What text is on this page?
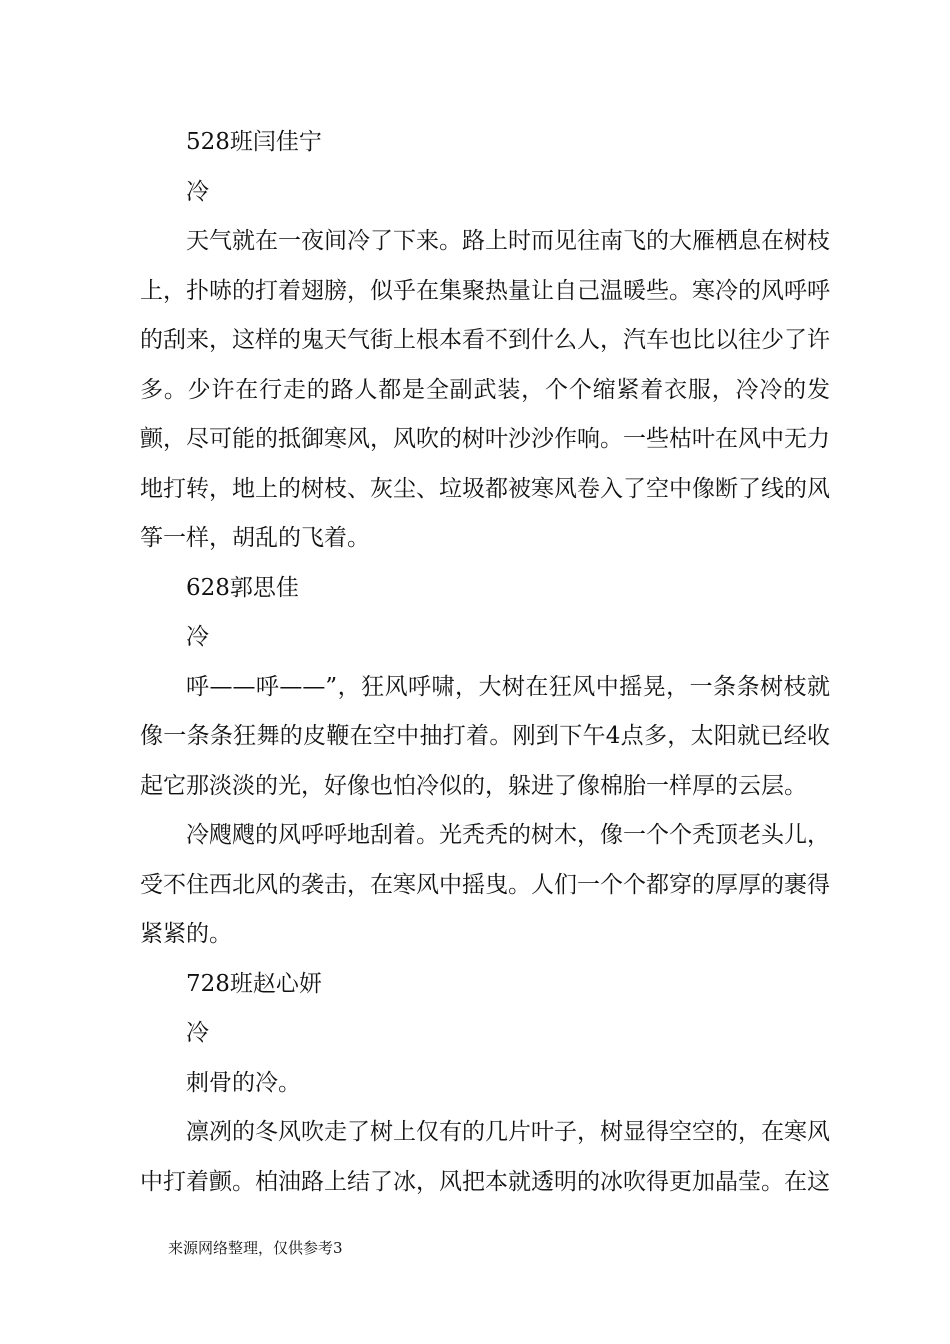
528班闫佳宁

冷

天气就在一夜间冷了下来。路上时而见往南飞的大雁栖息在树枝上，扑哧的打着翅膀，似乎在集聚热量让自己温暖些。寒冷的风呼呼的刮来，这样的鬼天气街上根本看不到什么人，汽车也比以往少了许多。少许在行走的路人都是全副武装，个个缩紧着衣服，冷冷的发颤，尽可能的抵御寒风，风吹的树叶沙沙作响。一些枯叶在风中无力地打转，地上的树枝、灰尘、垃圾都被寒风卷入了空中像断了线的风筝一样，胡乱的飞着。

628郭思佳

冷

呼——呼——”，狂风呼啸，大树在狂风中摇晃，一条条树枝就像一条条狂舞的皮鞭在空中抽打着。刚到下午4点多，太阳就已经收起它那淡淡的光，好像也怕冷似的，躲进了像棉胎一样厚的云层。

冷飕飕的风呼呼地刮着。光秃秃的树木，像一个个秃顶老头儿，受不住西北风的袭击，在寒风中摇曳。人们一个个都穿的厚厚的裹得紧紧的。

728班赵心妍

冷

刺骨的冷。

凛冽的冬风吹走了树上仅有的几片叶子，树显得空空的，在寒风中打着颤。柏油路上结了冰，风把本就透明的冰吹得更加晶莹。在这

来源网络整理，仅供参考3
